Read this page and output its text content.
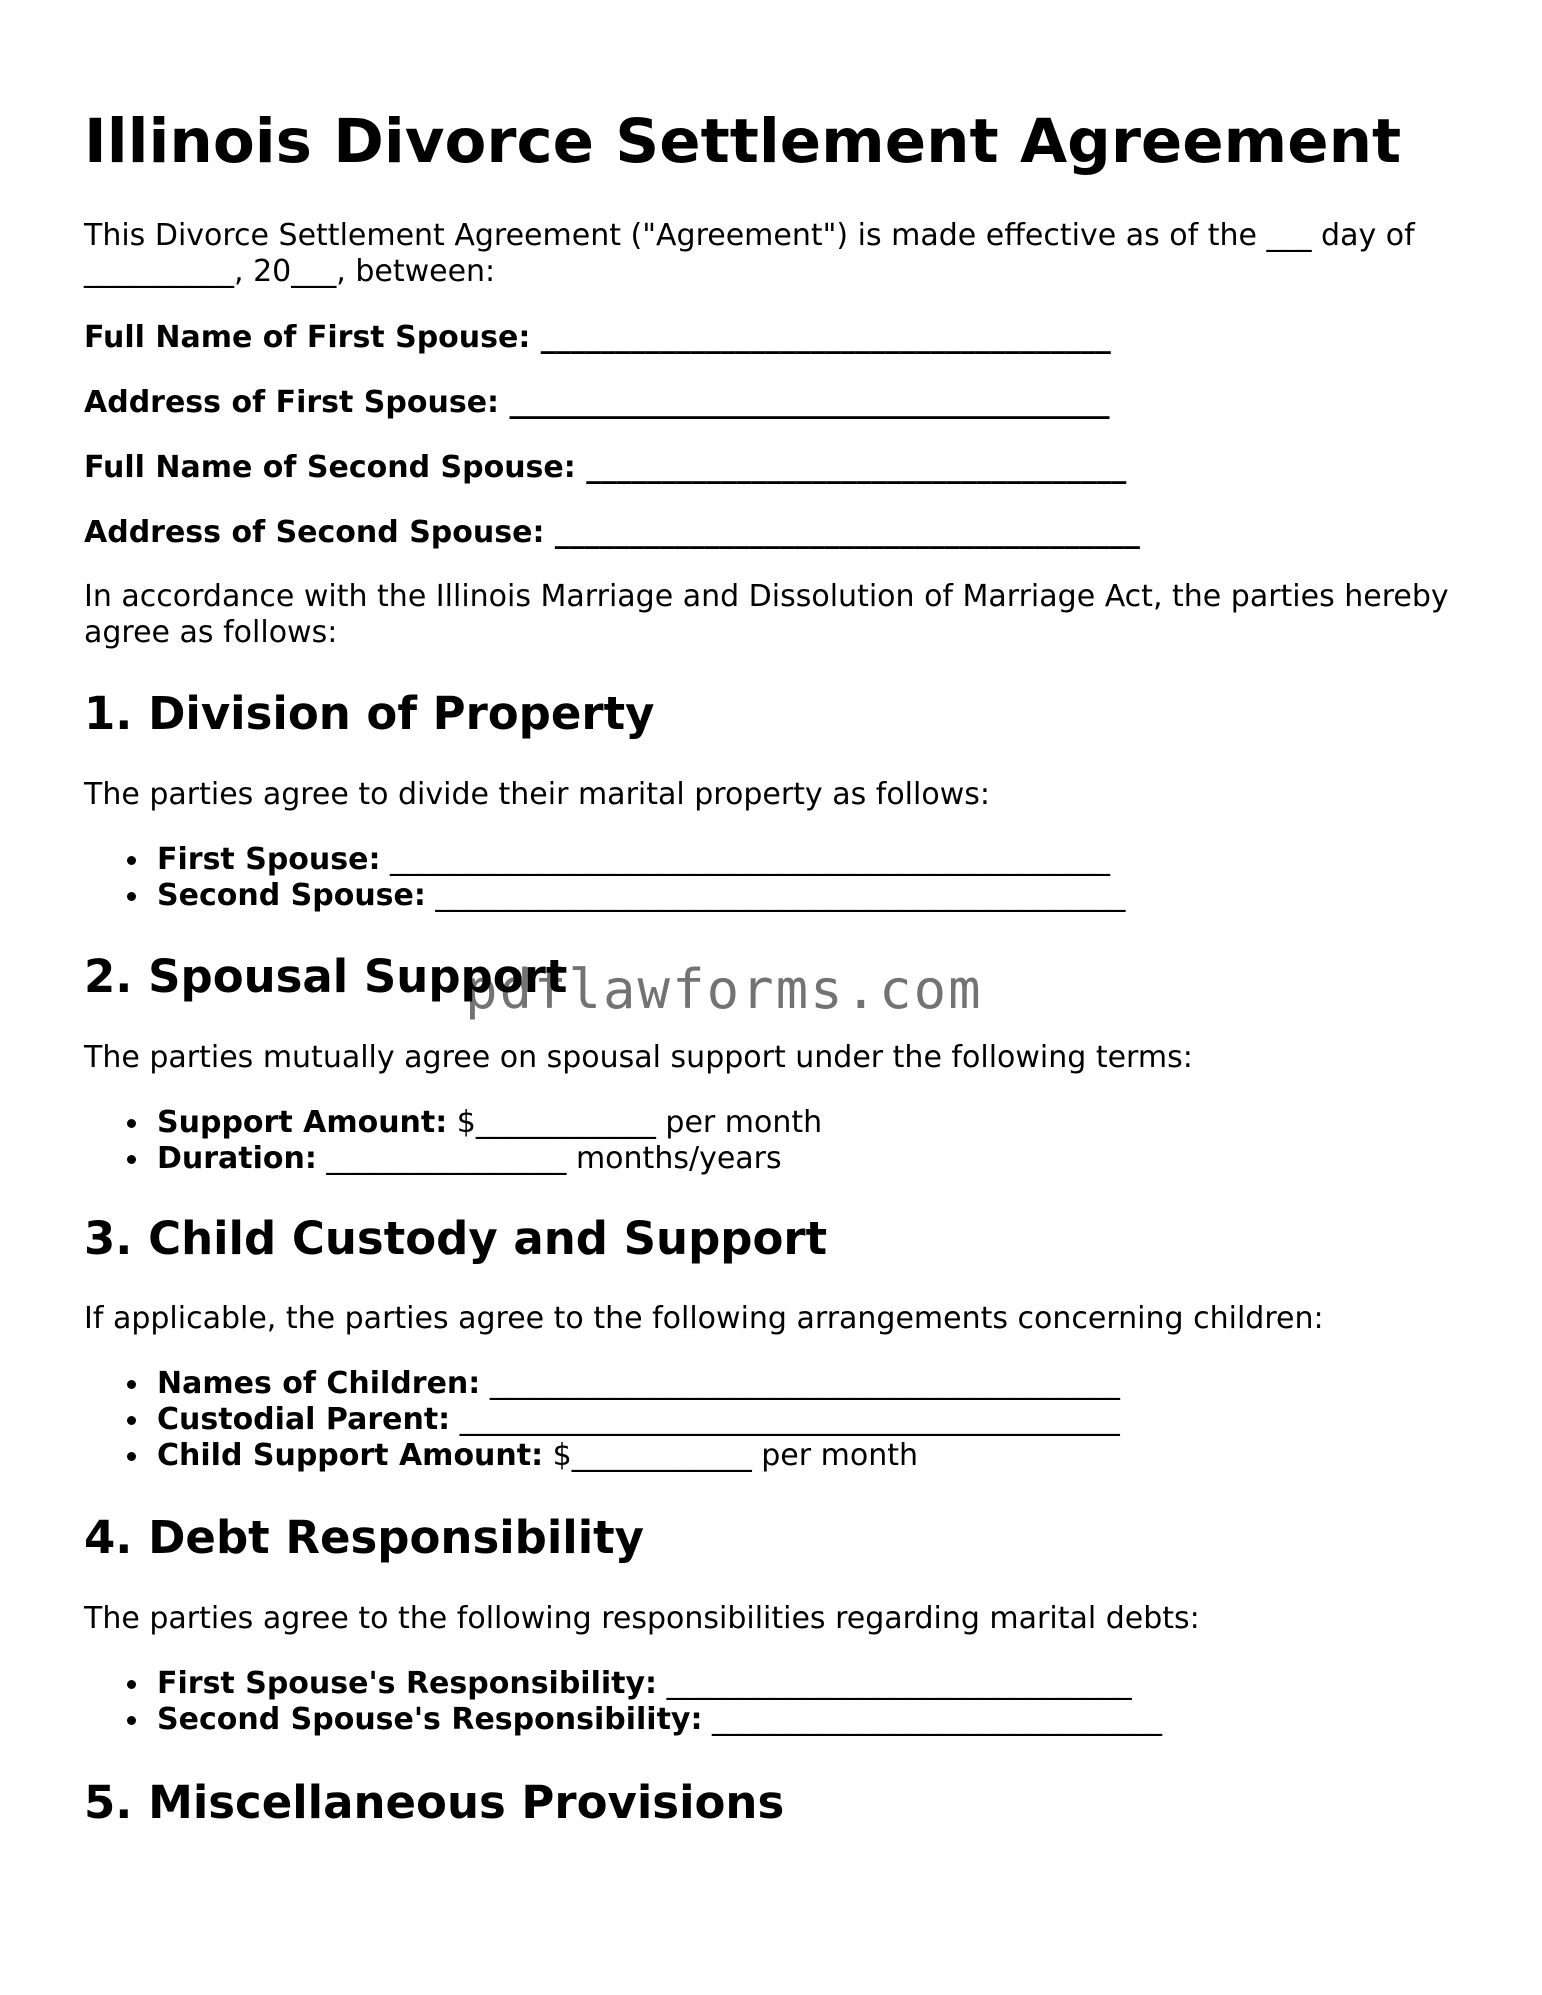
Illinois Divorce Settlement Agreement

This Divorce Settlement Agreement ("Agreement") is made effective as of the ___ day of __________, 20___, between:

Full Name of First Spouse: ______________________________________
Address of First Spouse: ________________________________________
Full Name of Second Spouse: ____________________________________
Address of Second Spouse: _______________________________________

In accordance with the Illinois Marriage and Dissolution of Marriage Act, the parties hereby agree as follows:

1. Division of Property

The parties agree to divide their marital property as follows:

First Spouse: ________________________________________________
Second Spouse: ______________________________________________
2. Spousal Support

The parties mutually agree on spousal support under the following terms:

Support Amount: $____________ per month
Duration: ________________ months/years
3. Child Custody and Support

If applicable, the parties agree to the following arrangements concerning children:

Names of Children: __________________________________________
Custodial Parent: ____________________________________________
Child Support Amount: $____________ per month
4. Debt Responsibility

The parties agree to the following responsibilities regarding marital debts:

First Spouse's Responsibility: _______________________________
Second Spouse's Responsibility: ______________________________
5. Miscellaneous Provisions
pdflawforms.com
